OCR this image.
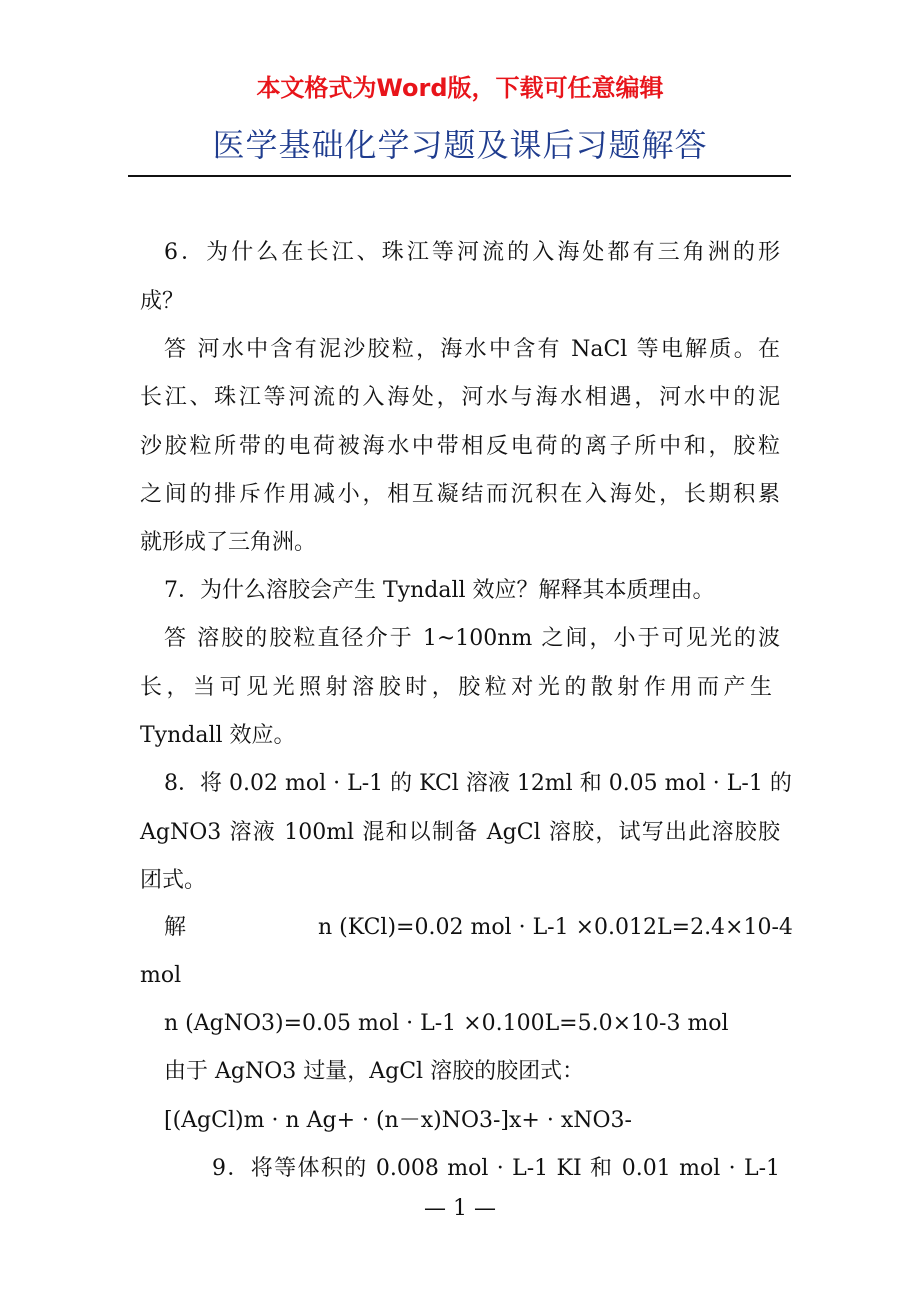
本文格式为Word版，下载可任意编辑
医学基础化学习题及课后习题解答
6．为什么在长江、珠江等河流的入海处都有三角洲的形
成？
答 河水中含有泥沙胶粒，海水中含有 NaCl 等电解质。在
长江、珠江等河流的入海处，河水与海水相遇，河水中的泥
沙胶粒所带的电荷被海水中带相反电荷的离子所中和，胶粒
之间的排斥作用减小，相互凝结而沉积在入海处，长期积累
就形成了三角洲。
7．为什么溶胶会产生 Tyndall 效应？解释其本质理由。
答 溶胶的胶粒直径介于 1~100nm 之间，小于可见光的波
长，当可见光照射溶胶时，胶粒对光的散射作用而产生
Tyndall 效应。
8．将 0.02 mol · L-1 的 KCl 溶液 12ml 和 0.05 mol · L-1 的
AgNO3 溶液 100ml 混和以制备 AgCl 溶胶，试写出此溶胶胶
团式。
解	n (KCl)=0.02 mol · L-1 ×0.012L=2.4×10-4
mol
n (AgNO3)=0.05 mol · L-1 ×0.100L=5.0×10-3 mol
由于 AgNO3 过量，AgCl 溶胶的胶团式：
[(AgCl)m · n Ag+ · (n－x)NO3-]x+ · xNO3-
9．将等体积的 0.008 mol · L-1 KI 和 0.01 mol · L-1
— 1 —
